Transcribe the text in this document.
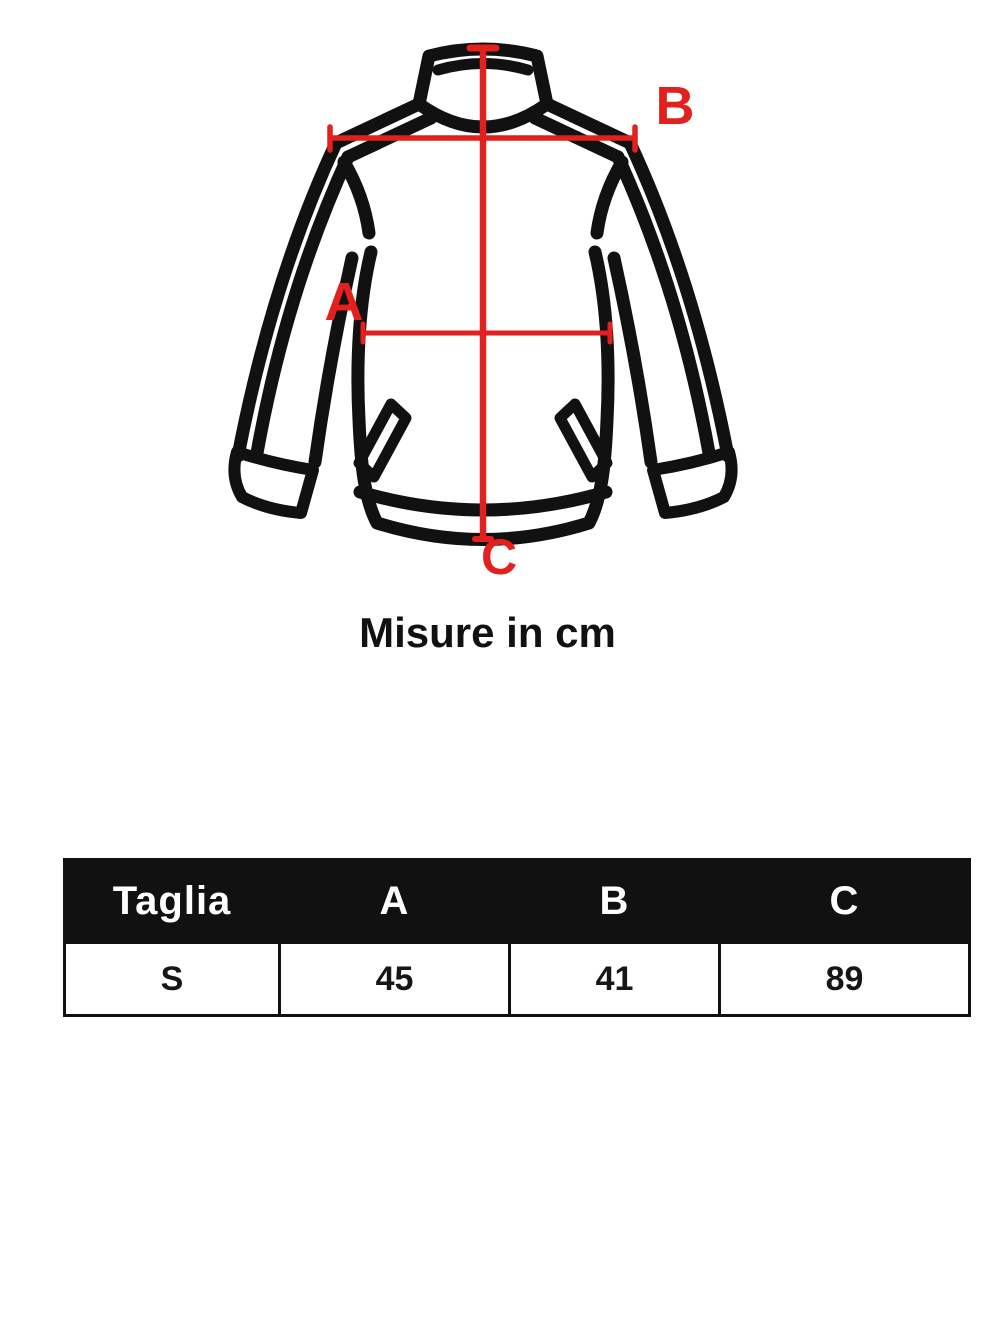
A
B
C
Misure in cm
Taglia	A	B	C
S	45	41	89
